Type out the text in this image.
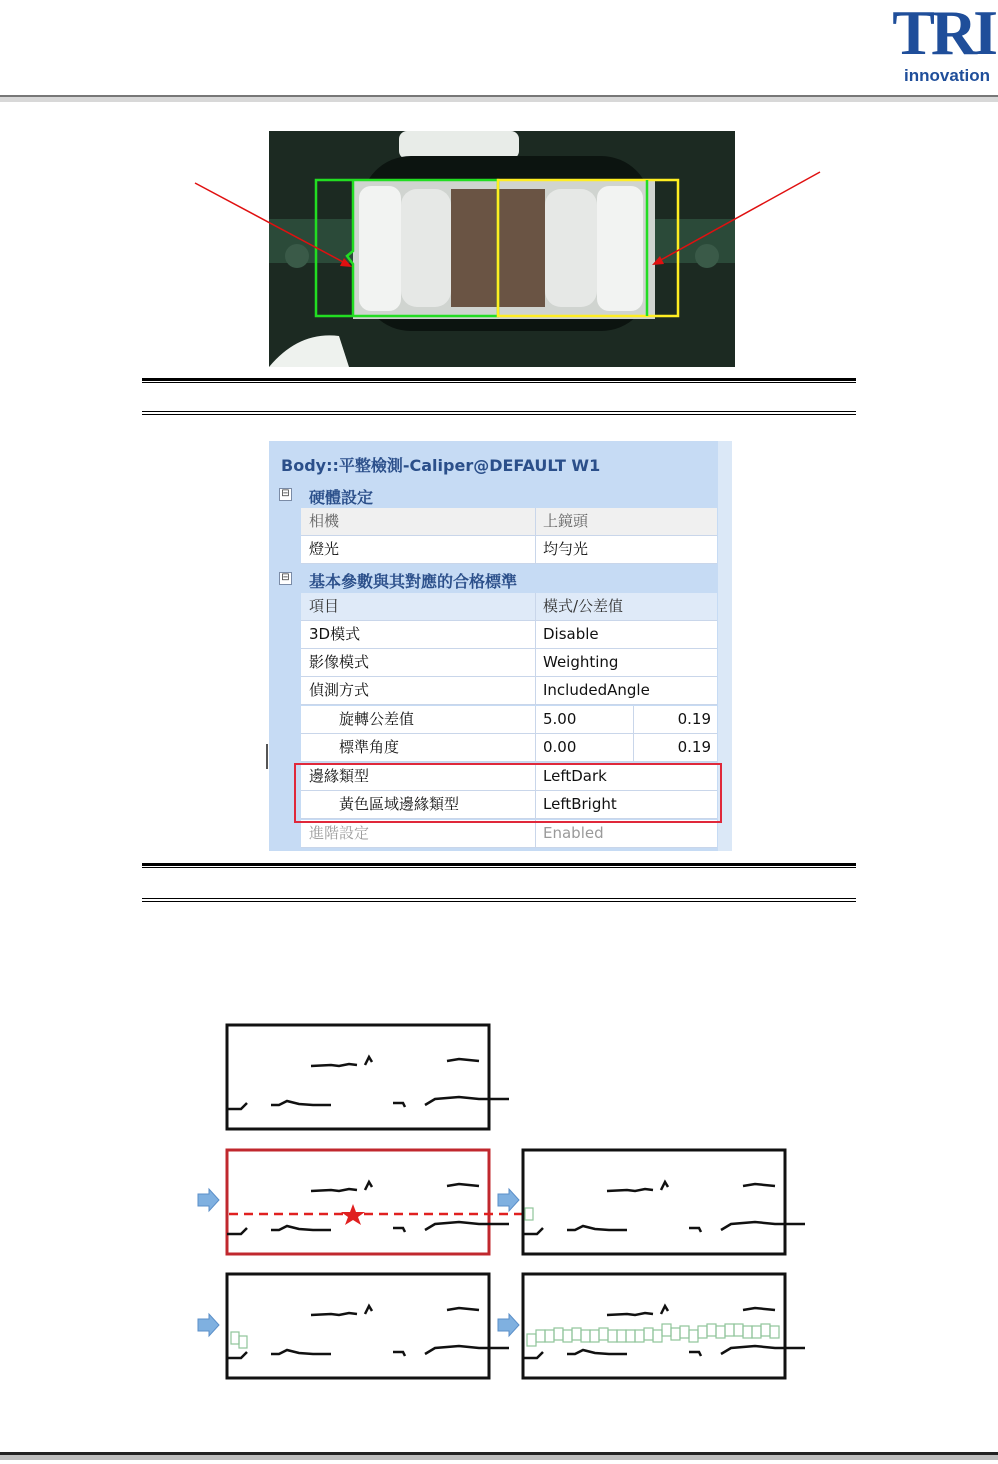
TRI
innovation
Body::平整檢測-Caliper@DEFAULT W1
⊟ 硬體設定
相機	上鏡頭
燈光	均勻光
⊟ 基本參數與其對應的合格標準
項目	模式/公差值
3D模式	Disable
影像模式	Weighting
偵測方式	IncludedAngle
旋轉公差值	5.00	0.19
標準角度	0.00	0.19
邊緣類型	LeftDark
黃色區域邊緣類型	LeftBright
進階設定	Enabled
